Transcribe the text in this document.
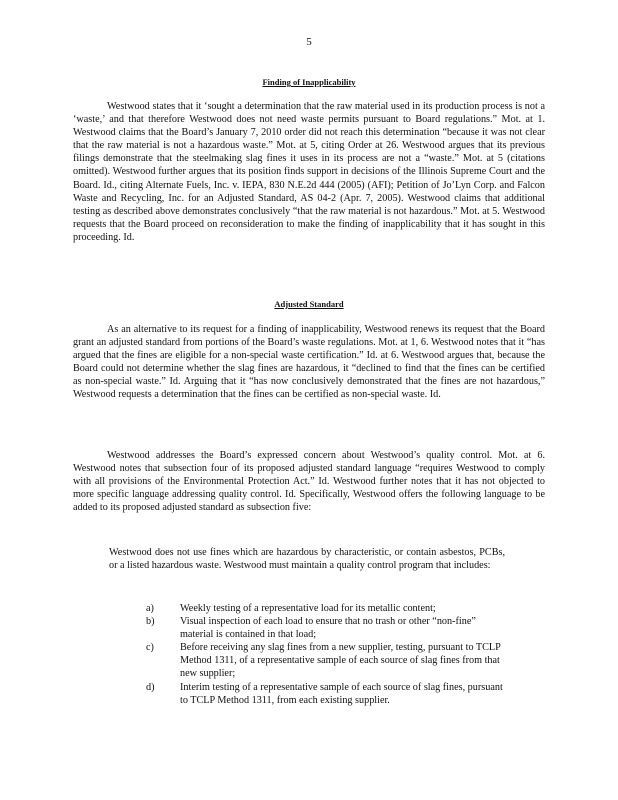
5
Finding of Inapplicability

Westwood states that it ‘sought a determination that the raw material used in its production process is not a ‘waste,’ and that therefore Westwood does not need waste permits pursuant to Board regulations.” Mot. at 1. Westwood claims that the Board’s January 7, 2010 order did not reach this determination “because it was not clear that the raw material is not a hazardous waste.” Mot. at 5, citing Order at 26. Westwood argues that its previous filings demonstrate that the steelmaking slag fines it uses in its process are not a “waste.” Mot. at 5 (citations omitted). Westwood further argues that its position finds support in decisions of the Illinois Supreme Court and the Board. Id., citing Alternate Fuels, Inc. v. IEPA, 830 N.E.2d 444 (2005) (AFI); Petition of Jo’Lyn Corp. and Falcon Waste and Recycling, Inc. for an Adjusted Standard, AS 04-2 (Apr. 7, 2005). Westwood claims that additional testing as described above demonstrates conclusively “that the raw material is not hazardous.” Mot. at 5. Westwood requests that the Board proceed on reconsideration to make the finding of inapplicability that it has sought in this proceeding. Id.

Adjusted Standard

As an alternative to its request for a finding of inapplicability, Westwood renews its request that the Board grant an adjusted standard from portions of the Board’s waste regulations. Mot. at 1, 6. Westwood notes that it “has argued that the fines are eligible for a non-special waste certification.” Id. at 6. Westwood argues that, because the Board could not determine whether the slag fines are hazardous, it “declined to find that the fines can be certified as non-special waste.” Id. Arguing that it “has now conclusively demonstrated that the fines are not hazardous,” Westwood requests a determination that the fines can be certified as non-special waste. Id.

Westwood addresses the Board’s expressed concern about Westwood’s quality control. Mot. at 6. Westwood notes that subsection four of its proposed adjusted standard language “requires Westwood to comply with all provisions of the Environmental Protection Act.” Id. Westwood further notes that it has not objected to more specific language addressing quality control. Id. Specifically, Westwood offers the following language to be added to its proposed adjusted standard as subsection five:

Westwood does not use fines which are hazardous by characteristic, or contain asbestos, PCBs, or a listed hazardous waste. Westwood must maintain a quality control program that includes:

a)	Weekly testing of a representative load for its metallic content;
b)	Visual inspection of each load to ensure that no trash or other “non-fine” material is contained in that load;
c)	Before receiving any slag fines from a new supplier, testing, pursuant to TCLP Method 1311, of a representative sample of each source of slag fines from that new supplier;
d)	Interim testing of a representative sample of each source of slag fines, pursuant to TCLP Method 1311, from each existing supplier.
